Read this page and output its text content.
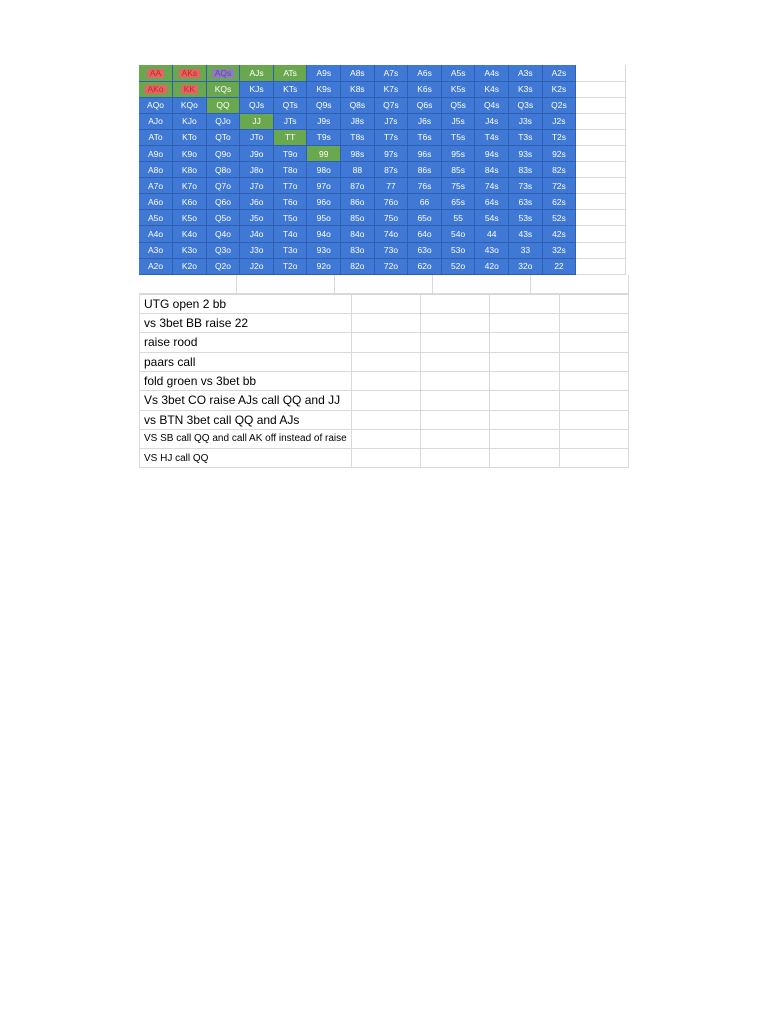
AA	AKs	AQs	AJs	ATs	A9s	A8s	A7s	A6s	A5s	A4s	A3s	A2s	
AKo	KK	KQs	KJs	KTs	K9s	K8s	K7s	K6s	K5s	K4s	K3s	K2s	
AQo	KQo	QQ	QJs	QTs	Q9s	Q8s	Q7s	Q6s	Q5s	Q4s	Q3s	Q2s	
AJo	KJo	QJo	JJ	JTs	J9s	J8s	J7s	J6s	J5s	J4s	J3s	J2s	
ATo	KTo	QTo	JTo	TT	T9s	T8s	T7s	T6s	T5s	T4s	T3s	T2s	
A9o	K9o	Q9o	J9o	T9o	99	98s	97s	96s	95s	94s	93s	92s	
A8o	K8o	Q8o	J8o	T8o	98o	88	87s	86s	85s	84s	83s	82s	
A7o	K7o	Q7o	J7o	T7o	97o	87o	77	76s	75s	74s	73s	72s	
A6o	K6o	Q6o	J6o	T6o	96o	86o	76o	66	65s	64s	63s	62s	
A5o	K5o	Q5o	J5o	T5o	95o	85o	75o	65o	55	54s	53s	52s	
A4o	K4o	Q4o	J4o	T4o	94o	84o	74o	64o	54o	44	43s	42s	
A3o	K3o	Q3o	J3o	T3o	93o	83o	73o	63o	53o	43o	33	32s	
A2o	K2o	Q2o	J2o	T2o	92o	82o	72o	62o	52o	42o	32o	22	
UTG open 2 bb				
vs 3bet BB raise 22				
raise rood				
paars call				
fold groen vs 3bet bb				
Vs 3bet CO raise AJs call QQ and JJ				
vs BTN 3bet call QQ and AJs				
VS SB call QQ and call AK off instead of raise				
VS HJ call QQ				
